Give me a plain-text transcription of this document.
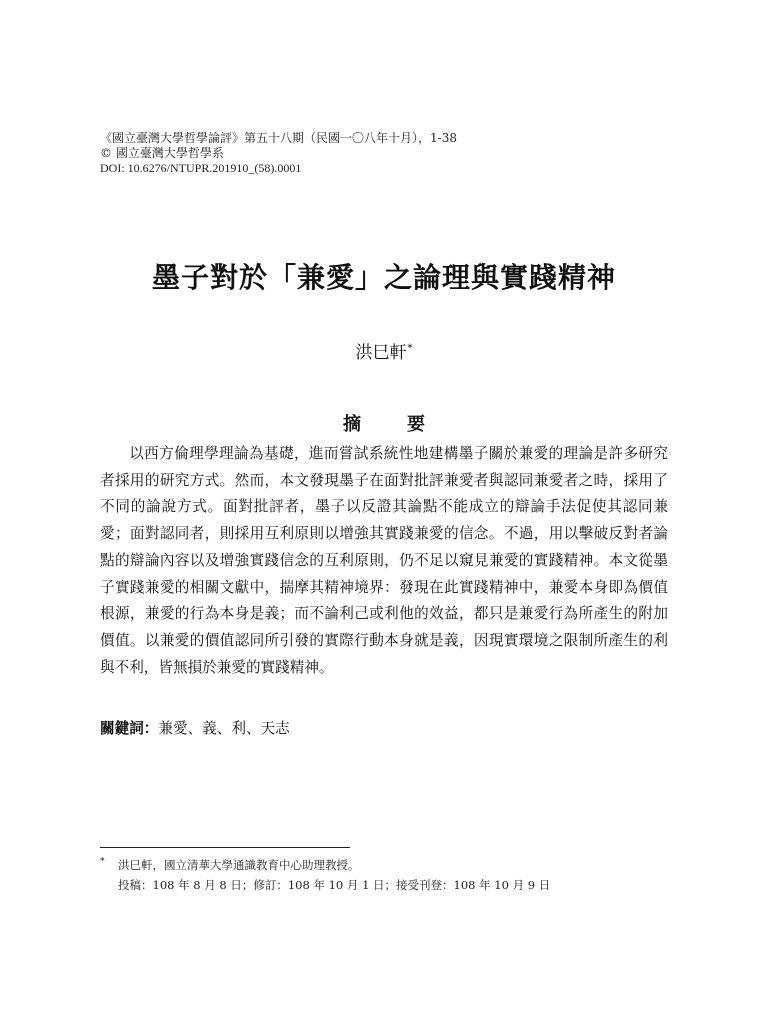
《國立臺灣大學哲學論評》第五十八期（民國一〇八年十月），1-38
© 國立臺灣大學哲學系
DOI: 10.6276/NTUPR.201910_(58).0001
墨子對於「兼愛」之論理與實踐精神
洪巳軒*
摘　要

以西方倫理學理論為基礎，進而嘗試系統性地建構墨子關於兼愛的理論是許多研究者採用的研究方式。然而，本文發現墨子在面對批評兼愛者與認同兼愛者之時，採用了不同的論說方式。面對批評者，墨子以反證其論點不能成立的辯論手法促使其認同兼愛；面對認同者，則採用互利原則以增強其實踐兼愛的信念。不過，用以擊破反對者論點的辯論內容以及增強實踐信念的互利原則，仍不足以窺見兼愛的實踐精神。本文從墨子實踐兼愛的相關文獻中，揣摩其精神境界：發現在此實踐精神中，兼愛本身即為價值根源，兼愛的行為本身是義；而不論利己或利他的效益，都只是兼愛行為所產生的附加價值。以兼愛的價值認同所引發的實際行動本身就是義，因現實環境之限制所產生的利與不利，皆無損於兼愛的實踐精神。

關鍵詞：兼愛、義、利、天志
* 洪巳軒，國立清華大學通識教育中心助理教授。
投稿：108 年 8 月 8 日；修訂：108 年 10 月 1 日；接受刊登：108 年 10 月 9 日
